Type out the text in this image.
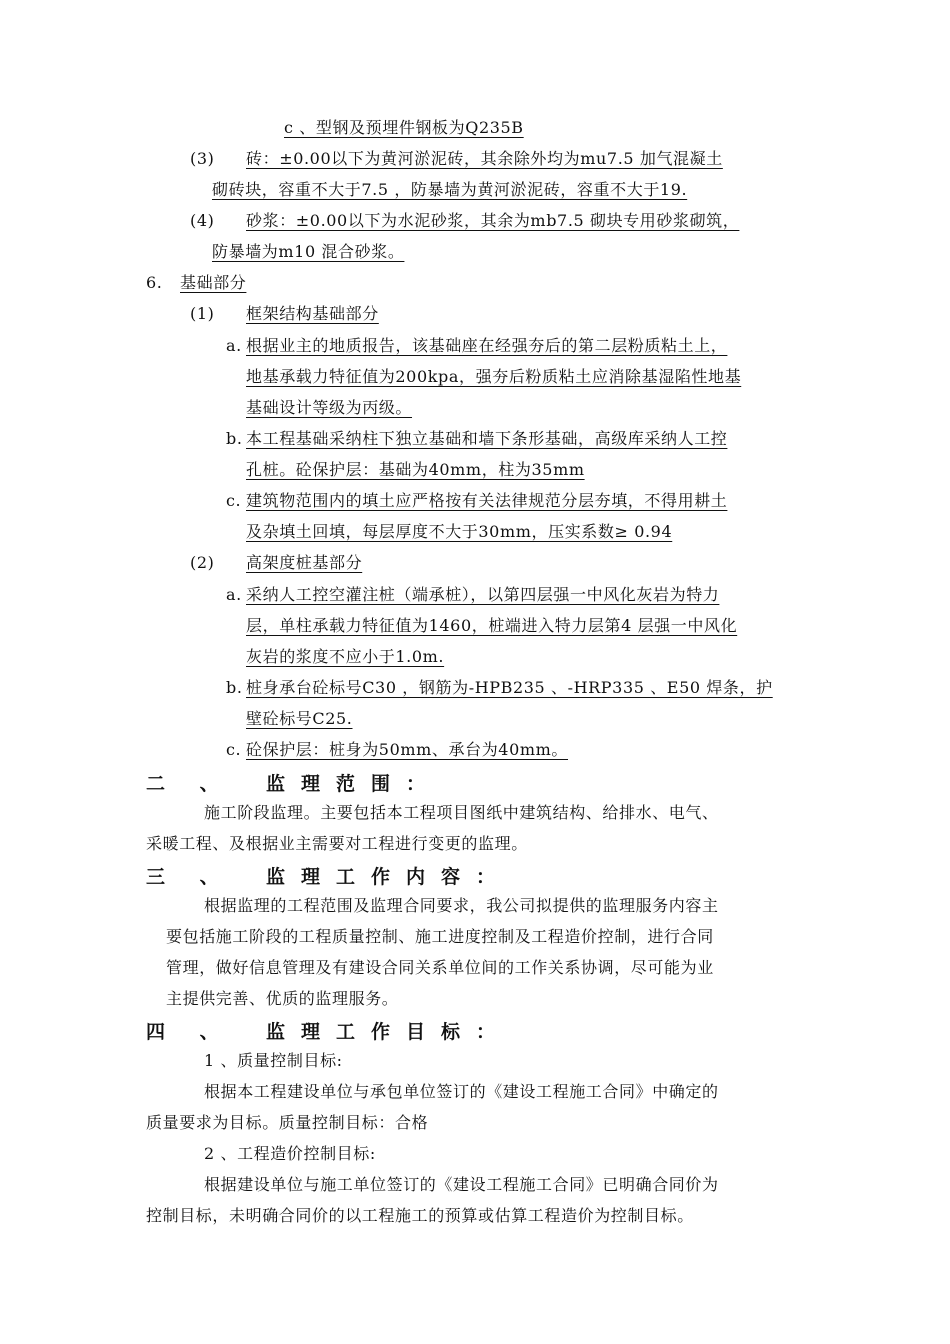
c 、型钢及预埋件钢板为Q235B
(3) 砖：±0.00以下为黄河淤泥砖，其余除外均为mu7.5 加气混凝土
砌砖块，容重不大于7.5 ，防暴墙为黄河淤泥砖，容重不大于19.
(4) 砂浆：±0.00以下为水泥砂浆，其余为mb7.5 砌块专用砂浆砌筑，
防暴墙为m10 混合砂浆。
6. 基础部分
(1) 框架结构基础部分
a. 根据业主的地质报告，该基础座在经强夯后的第二层粉质粘土上，
地基承载力特征值为200kpa，强夯后粉质粘土应消除基湿陷性地基
基础设计等级为丙级。
b. 本工程基础采纳柱下独立基础和墙下条形基础，高级库采纳人工控
孔桩。砼保护层：基础为40mm，柱为35mm
c. 建筑物范围内的填土应严格按有关法律规范分层夯填，不得用耕土
及杂填土回填，每层厚度不大于30mm，压实系数≥ 0.94
(2) 高架度桩基部分
a. 采纳人工控空灌注桩（端承桩），以第四层强一中风化灰岩为特力
层，单柱承载力特征值为1460，桩端进入特力层第4 层强一中风化
灰岩的浆度不应小于1.0m.
b. 桩身承台砼标号C30 ，钢筋为-HPB235 、-HRP335 、E50 焊条，护
壁砼标号C25.
c. 砼保护层：桩身为50mm、承台为40mm。
二 、 监理范围：
施工阶段监理。主要包括本工程项目图纸中建筑结构、给排水、电气、
采暖工程、及根据业主需要对工程进行变更的监理。
三 、 监理工作内容：
根据监理的工程范围及监理合同要求，我公司拟提供的监理服务内容主
要包括施工阶段的工程质量控制、施工进度控制及工程造价控制，进行合同
管理，做好信息管理及有建设合同关系单位间的工作关系协调，尽可能为业
主提供完善、优质的监理服务。
四 、 监理工作目标：
1 、质量控制目标:
根据本工程建设单位与承包单位签订的《建设工程施工合同》中确定的
质量要求为目标。质量控制目标：合格
2 、工程造价控制目标:
根据建设单位与施工单位签订的《建设工程施工合同》已明确合同价为
控制目标，未明确合同价的以工程施工的预算或估算工程造价为控制目标。
